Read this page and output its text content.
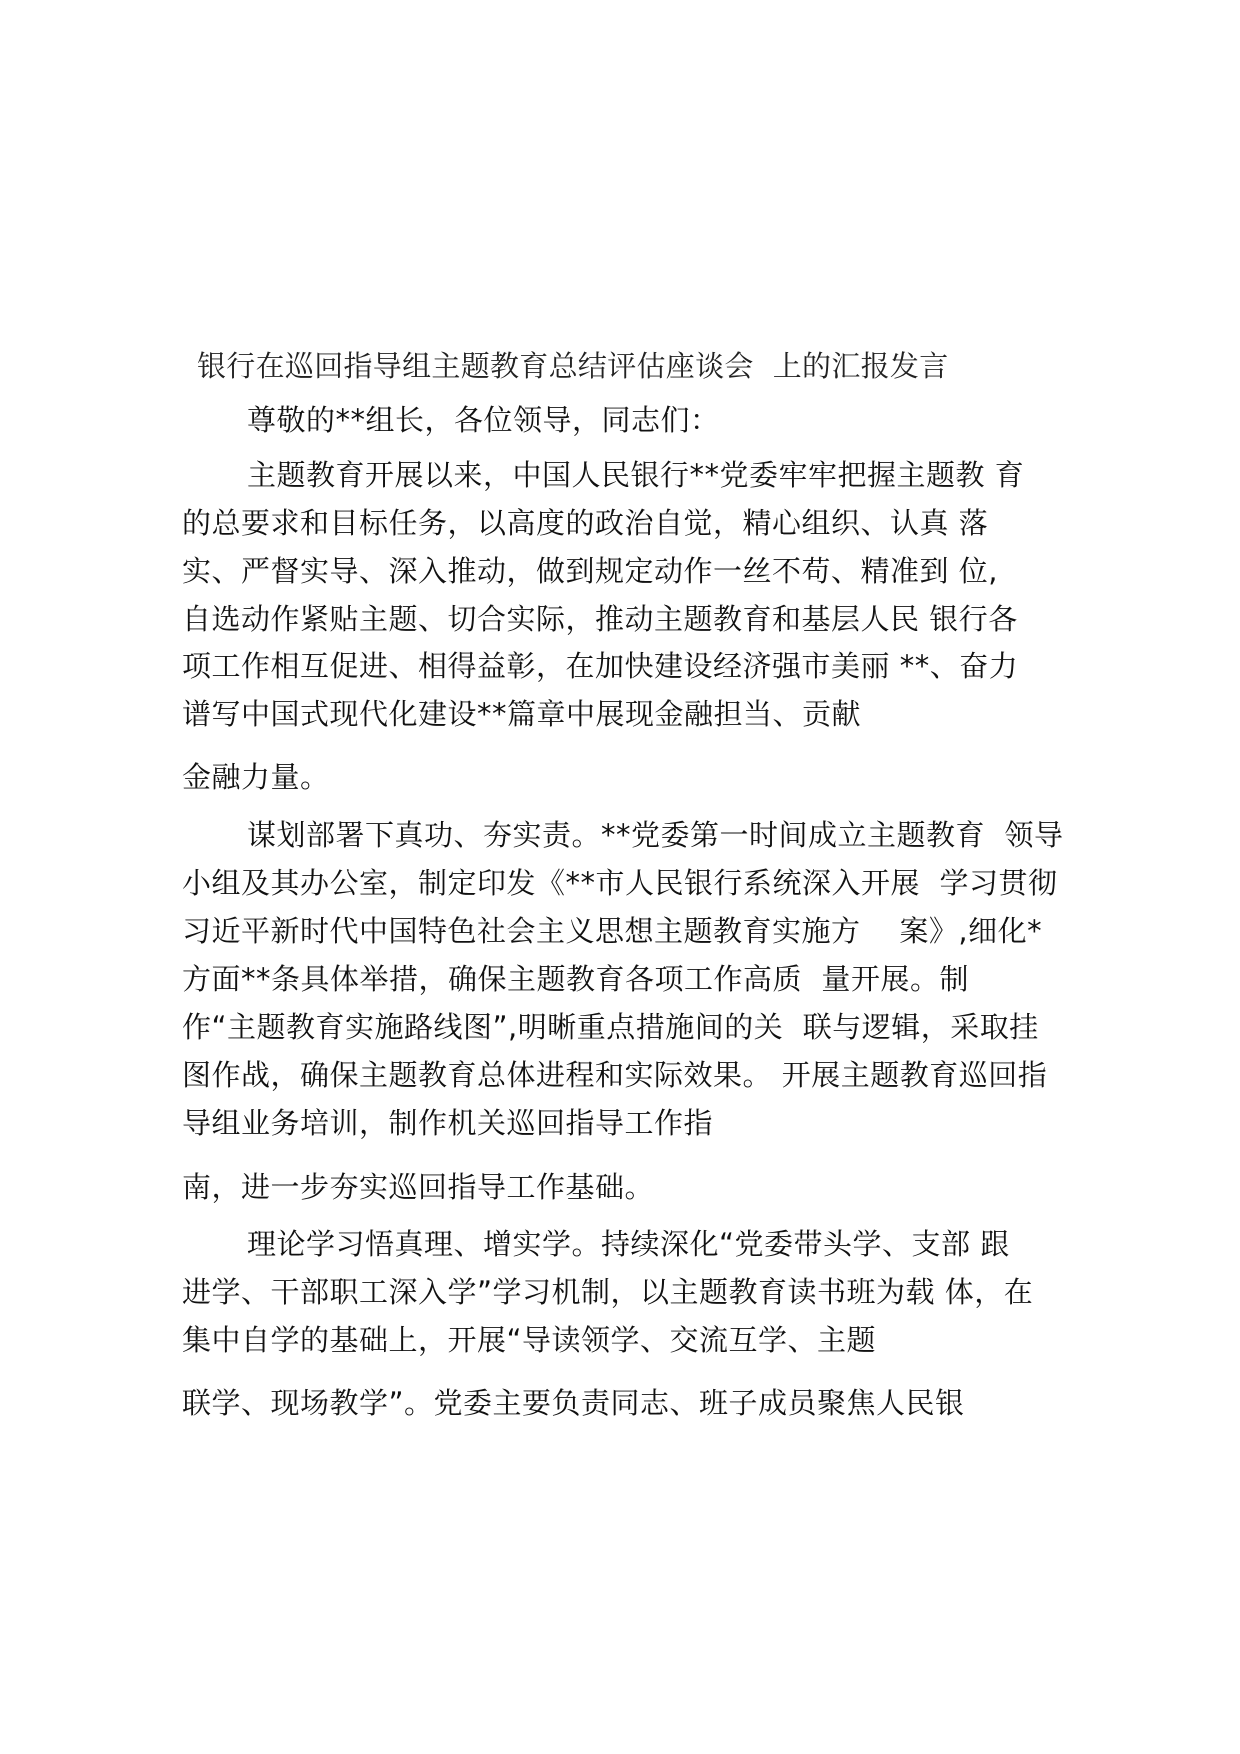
银行在巡回指导组主题教育总结评估座谈会  上的汇报发言
尊敬的**组长，各位领导，同志们：
主题教育开展以来，中国人民银行**党委牢牢把握主题教 育
的总要求和目标任务，以高度的政治自觉，精心组织、认真 落
实、严督实导、深入推动，做到规定动作一丝不苟、精准到 位,
自选动作紧贴主题、切合实际，推动主题教育和基层人民 银行各
项工作相互促进、相得益彰，在加快建设经济强市美丽 **、奋力
谱写中国式现代化建设**篇章中展现金融担当、贡献
金融力量。
谋划部署下真功、夯实责。**党委第一时间成立主题教育  领导
小组及其办公室，制定印发《**市人民银行系统深入开展  学习贯彻
习近平新时代中国特色社会主义思想主题教育实施方    案》,细化*
方面**条具体举措，确保主题教育各项工作高质  量开展。制
作“主题教育实施路线图”,明晰重点措施间的关  联与逻辑，采取挂
图作战，确保主题教育总体进程和实际效果。 开展主题教育巡回指
导组业务培训，制作机关巡回指导工作指
南，进一步夯实巡回指导工作基础。
理论学习悟真理、增实学。持续深化“党委带头学、支部 跟
进学、干部职工深入学”学习机制，以主题教育读书班为载 体，在
集中自学的基础上，开展“导读领学、交流互学、主题
联学、现场教学”。党委主要负责同志、班子成员聚焦人民银
